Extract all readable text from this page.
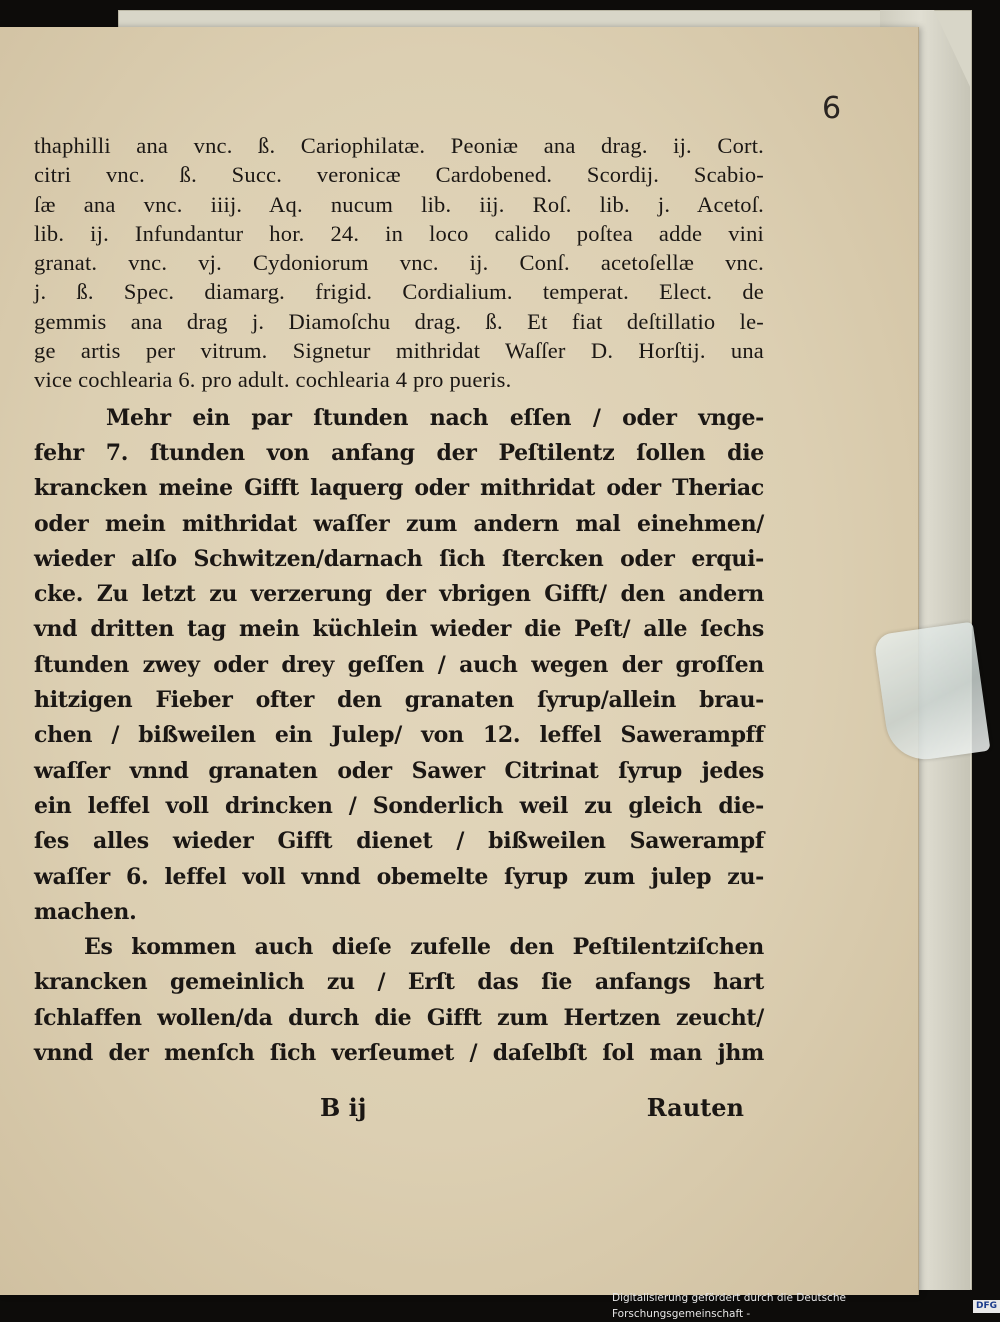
6
thaphilli ana vnc. ß. Cariophilatæ. Peoniæ ana drag. ij. Cort.
citri vnc. ß. Succ. veronicæ Cardobened. Scordij. Scabio-
ſæ ana vnc. iiij. Aq. nucum lib. iij. Roſ. lib. j. Acetoſ.
lib. ij. Infundantur hor. 24. in loco calido poſtea adde vini
granat. vnc. vj. Cydoniorum vnc. ij. Conſ. acetoſellæ vnc.
j. ß. Spec. diamarg. frigid. Cordialium. temperat. Elect. de
gemmis ana drag j. Diamoſchu drag. ß. Et fiat deſtillatio le-
ge artis per vitrum. Signetur mithridat Waſſer D. Horſtij. una
vice cochlearia 6. pro adult. cochlearia 4 pro pueris.
Mehr ein par ſtunden nach eſſen / oder vnge-
fehr 7. ſtunden von anfang der Peſtilentz ſollen die
krancken meine Gifft laquerg oder mithridat oder Theriac
oder mein mithridat waſſer zum andern mal einehmen/
wieder alſo Schwitzen/darnach ſich ſtercken oder erqui-
cke. Zu letzt zu verzerung der vbrigen Gifft/ den andern
vnd dritten tag mein küchlein wieder die Peſt/ alle ſechs
ſtunden zwey oder drey geſſen / auch wegen der groſſen
hitzigen Fieber ofter den granaten ſyrup/allein brau-
chen / bißweilen ein Julep/ von 12. leffel Sawerampff
waſſer vnnd granaten oder Sawer Citrinat ſyrup jedes
ein leffel voll drincken / Sonderlich weil zu gleich die-
ſes alles wieder Gifft dienet / bißweilen Sawerampf
waſſer 6. leffel voll vnnd obemelte ſyrup zum julep zu-
machen.
Es kommen auch dieſe zufelle den Peſtilentziſchen
krancken gemeinlich zu / Erſt das ſie anfangs hart
ſchlaffen wollen/da durch die Gifft zum Hertzen zeucht/
vnnd der menſch ſich verſeumet / daſelbſt ſol man jhm
B ij	Rauten
Digitalisierung gefördert durch die Deutsche Forschungsgemeinschaft -
DFG
